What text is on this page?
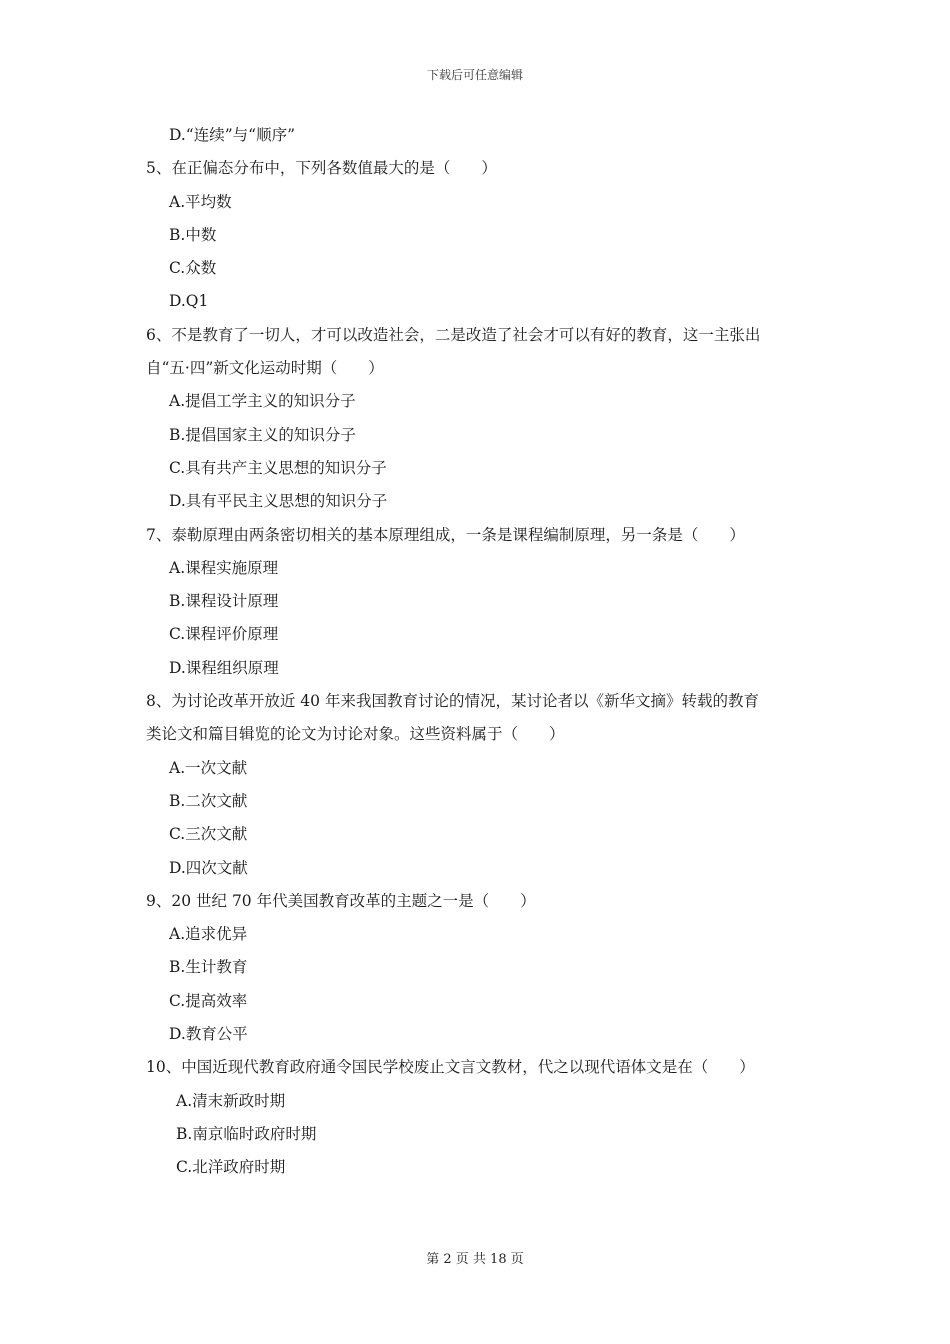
下载后可任意编辑
D.“连续”与“顺序”
5、在正偏态分布中，下列各数值最大的是（　　）
A.平均数
B.中数
C.众数
D.Q1
6、不是教育了一切人，才可以改造社会，二是改造了社会才可以有好的教育，这一主张出
自“五·四”新文化运动时期（　　）
A.提倡工学主义的知识分子
B.提倡国家主义的知识分子
C.具有共产主义思想的知识分子
D.具有平民主义思想的知识分子
7、泰勒原理由两条密切相关的基本原理组成，一条是课程编制原理，另一条是（　　）
A.课程实施原理
B.课程设计原理
C.课程评价原理
D.课程组织原理
8、为讨论改革开放近 40 年来我国教育讨论的情况，某讨论者以《新华文摘》转载的教育
类论文和篇目辑览的论文为讨论对象。这些资料属于（　　）
A.一次文献
B.二次文献
C.三次文献
D.四次文献
9、20 世纪 70 年代美国教育改革的主题之一是（　　）
A.追求优异
B.生计教育
C.提高效率
D.教育公平
10、中国近现代教育政府通令国民学校废止文言文教材，代之以现代语体文是在（　　）
A.清末新政时期
B.南京临时政府时期
C.北洋政府时期
第 2 页 共 18 页
